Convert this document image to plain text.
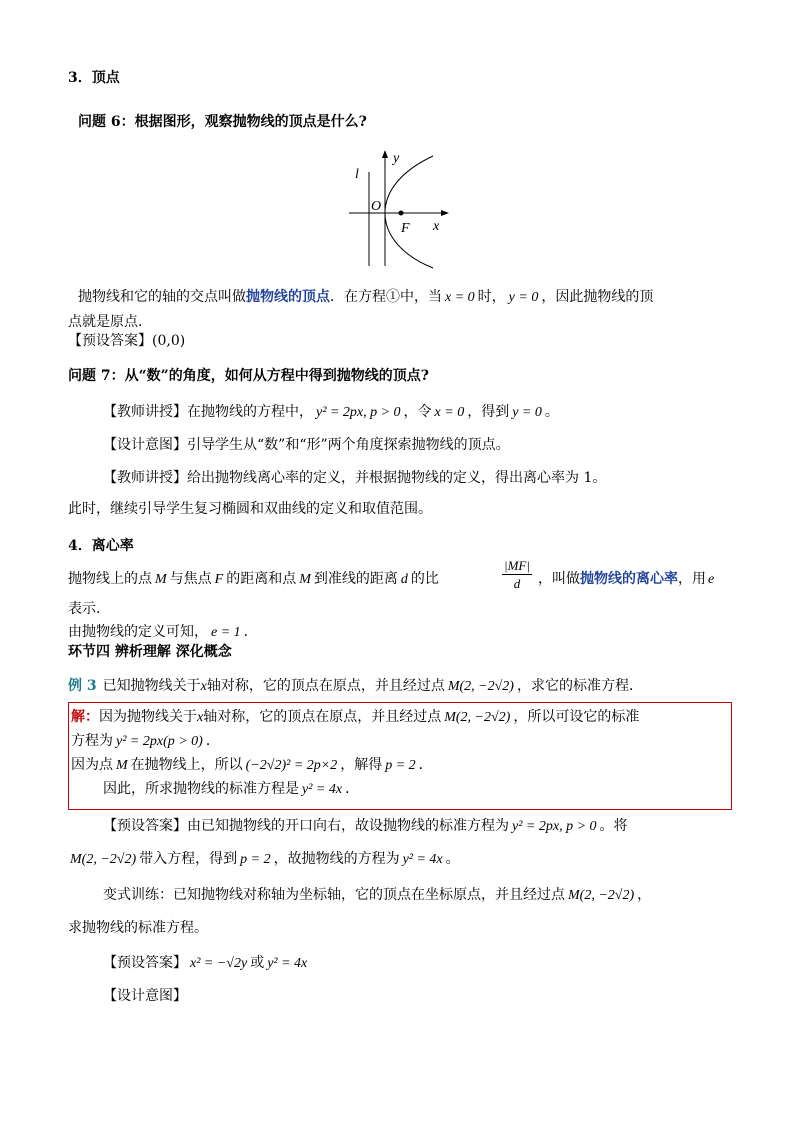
3．顶点
问题 6：根据图形，观察抛物线的顶点是什么?
y
l
O
F x
抛物线和它的轴的交点叫做抛物线的顶点．在方程①中，当 x = 0 时， y = 0 ，因此抛物线的顶
点就是原点．
【预设答案】(0,0)
问题 7：从“数”的角度，如何从方程中得到抛物线的顶点?
【教师讲授】在抛物线的方程中， y² = 2px, p > 0 ，令 x = 0 ，得到 y = 0 。
【设计意图】引导学生从“数”和“形”两个角度探索抛物线的顶点。
【教师讲授】给出抛物线离心率的定义，并根据抛物线的定义，得出离心率为 1。
此时，继续引导学生复习椭圆和双曲线的定义和取值范围。
4．离心率
抛物线上的点 M 与焦点 F 的距离和点 M 到准线的距离 d 的比	$\frac{|MF|}{d}$ ，叫做抛物线的离心率，用 e
表示．
由抛物线的定义可知， e = 1 ．
环节四 辨析理解 深化概念
例 3 已知抛物线关于x轴对称，它的顶点在原点，并且经过点 M(2, −2√2) ，求它的标准方程．
解：因为抛物线关于x轴对称，它的顶点在原点，并且经过点 M(2, −2√2) ，所以可设它的标准
方程为 y² = 2px(p > 0) ．
因为点 M 在抛物线上，所以 (−2√2)² = 2p×2 ，解得 p = 2 ．
因此，所求抛物线的标准方程是 y² = 4x ．
【预设答案】由已知抛物线的开口向右，故设抛物线的标准方程为 y² = 2px, p > 0 。将
M(2, −2√2) 带入方程，得到 p = 2 ，故抛物线的方程为 y² = 4x 。
变式训练：已知抛物线对称轴为坐标轴，它的顶点在坐标原点，并且经过点 M(2, −2√2) ，
求抛物线的标准方程。
【预设答案】 x² = −√2y 或 y² = 4x
【设计意图】
